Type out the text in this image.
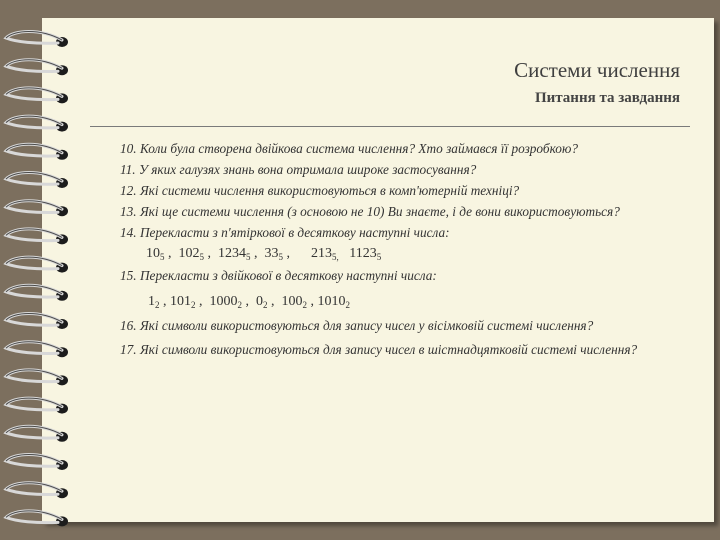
Системи числення
Питання та завдання

10. Коли була створена двійкова система числення? Хто займався її розробкою?

11. У яких галузях знань вона отримала широке застосування?

12. Які системи числення використовуються в комп'ютерній техніці?

13. Які ще системи числення (з основою не 10) Ви знаєте, і де вони використовуються?

14. Перекласти з п'ятіркової в десяткову наступні числа:

$10_5$ ,  $102_5$ ,  $1234_5$ ,  $33_5$ ,      $213_{5,}$ $1123_5$

15. Перекласти з двійкової в десяткову наступні числа:

$1_2$ , $101_2$ ,  $1000_2$ ,  $0_2$ ,  $100_2$ , $1010_2$

16. Які символи використовуються для запису чисел у вісімковій системі числення?

17. Які символи використовуються для запису чисел в шістнадцятковій системі числення?
